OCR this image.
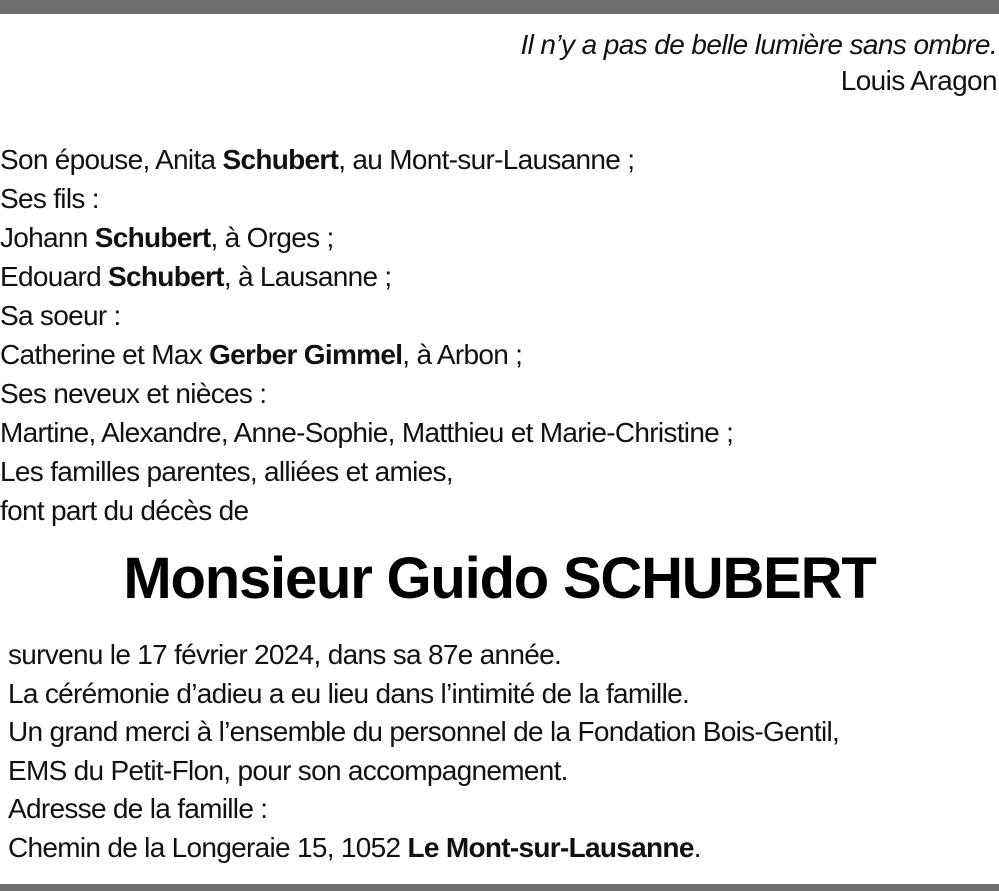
Il n’y a pas de belle lumière sans ombre.
Louis Aragon
Son épouse, Anita Schubert, au Mont-sur-Lausanne ;
Ses fils :
Johann Schubert, à Orges ;
Edouard Schubert, à Lausanne ;
Sa soeur :
Catherine et Max Gerber Gimmel, à Arbon ;
Ses neveux et nièces :
Martine, Alexandre, Anne-Sophie, Matthieu et Marie-Christine ;
Les familles parentes, alliées et amies,
font part du décès de
Monsieur Guido SCHUBERT
survenu le 17 février 2024, dans sa 87e année.
La cérémonie d’adieu a eu lieu dans l’intimité de la famille.
Un grand merci à l’ensemble du personnel de la Fondation Bois-Gentil,
EMS du Petit-Flon, pour son accompagnement.
Adresse de la famille :
Chemin de la Longeraie 15, 1052 Le Mont-sur-Lausanne.
